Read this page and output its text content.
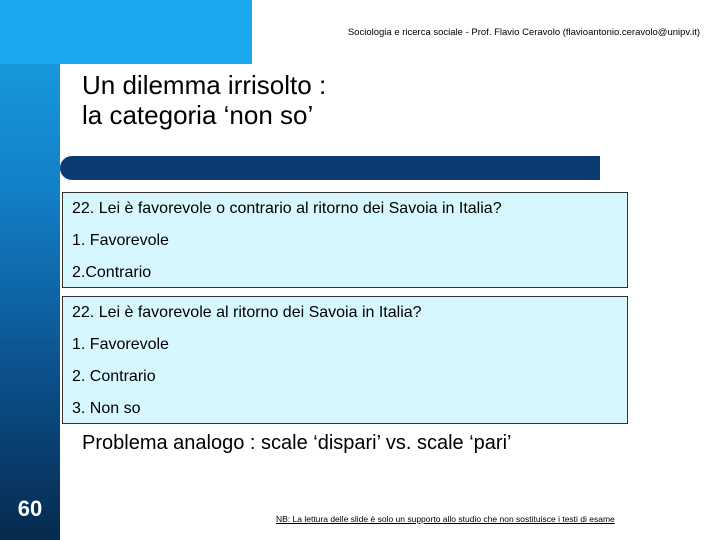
Sociologia e ricerca sociale - Prof. Flavio Ceravolo (flavioantonio.ceravolo@unipv.it)
Un dilemma irrisolto :
la categoria ‘non so’
22. Lei è favorevole o contrario al ritorno dei Savoia in Italia?
1. Favorevole
2.Contrario
22. Lei è favorevole al ritorno dei Savoia in Italia?
1. Favorevole
2. Contrario
3. Non so
Problema analogo : scale ‘dispari’ vs. scale ‘pari’
60	NB: La lettura delle slide è solo un supporto allo studio che non sostituisce i testi di esame
